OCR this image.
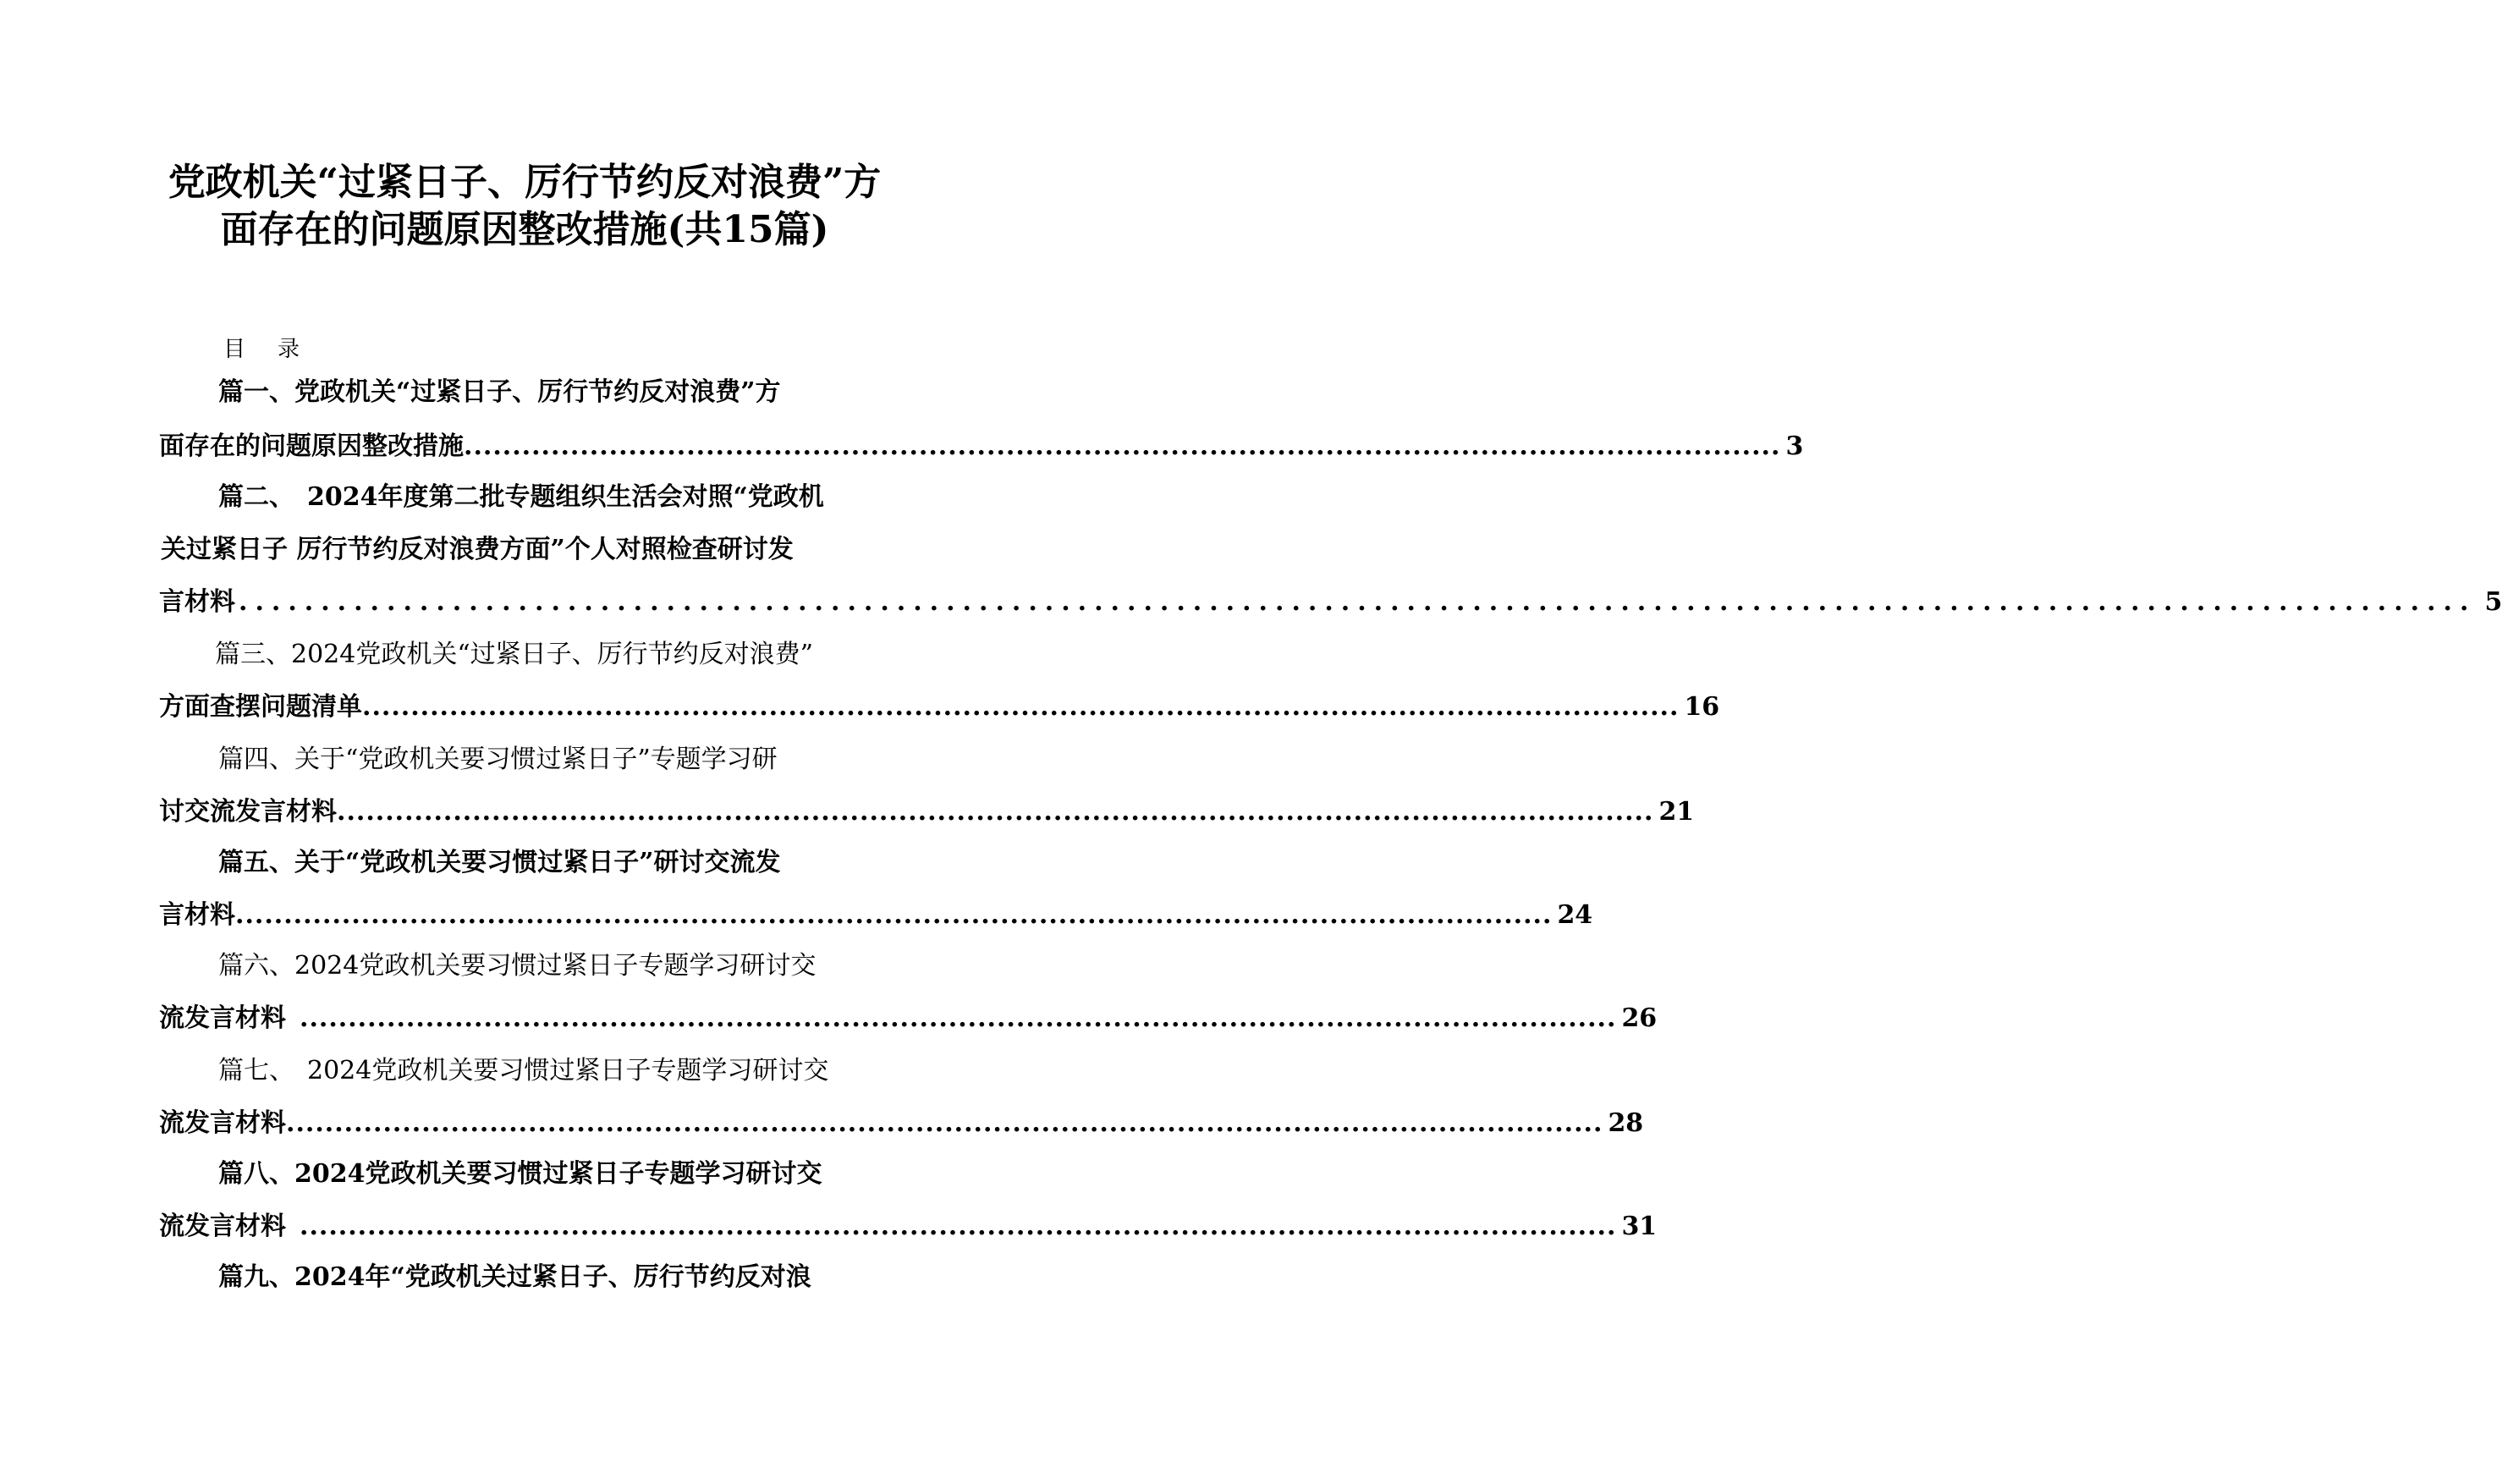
党政机关“过紧日子、厉行节约反对浪费”方
面存在的问题原因整改措施(共15篇)
目录
篇一、党政机关“过紧日子、厉行节约反对浪费”方
面存在的问题原因整改措施 ........................................................................................................................................ 3
篇二、　2024年度第二批专题组织生活会对照“党政机
关过紧日子 厉行节约反对浪费方面”个人对照检查研讨发
言材料 ........................................................................................................................................ 5
篇三、2024党政机关“过紧日子、厉行节约反对浪费”
方面查摆问题清单 ........................................................................................................................................ 16
篇四、关于“党政机关要习惯过紧日子”专题学习研
讨交流发言材料 ........................................................................................................................................ 21
篇五、关于“党政机关要习惯过紧日子”研讨交流发
言材料 ........................................................................................................................................ 24
篇六、2024党政机关要习惯过紧日子专题学习研讨交
流发言材料 ........................................................................................................................................ 26
篇七、　2024党政机关要习惯过紧日子专题学习研讨交
流发言材料 ........................................................................................................................................ 28
篇八、2024党政机关要习惯过紧日子专题学习研讨交
流发言材料 ........................................................................................................................................ 31
篇九、2024年“党政机关过紧日子、厉行节约反对浪
